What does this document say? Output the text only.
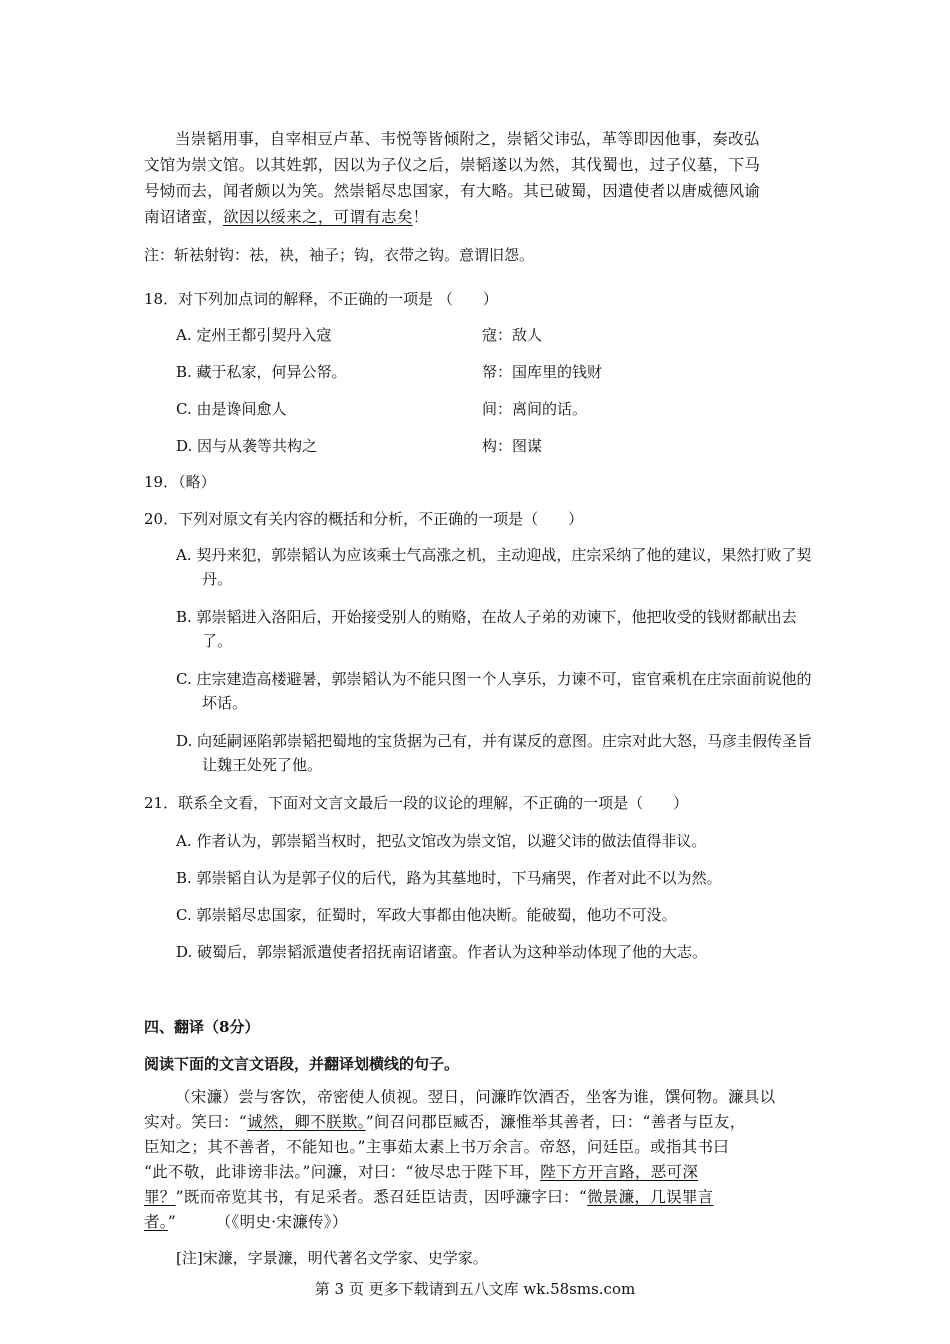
当崇韬用事，自宰相豆卢革、韦悦等皆倾附之，崇韬父讳弘，革等即因他事，奏改弘

文馆为崇文馆。以其姓郭，因以为子仪之后，崇韬遂以为然，其伐蜀也，过子仪墓，下马

号恸而去，闻者颇以为笑。然崇韬尽忠国家，有大略。其已破蜀，因遣使者以唐威德风谕

南诏诸蛮，欲因以绥来之，可谓有志矣！

注：斩祛射钩：祛，袂，袖子；钩，衣带之钩。意谓旧怨。

18．对下列加点词的解释，不正确的一项是 （　　）

A. 定州王都引契丹入寇	寇：敌人
B. 藏于私家，何异公帑。	帑：国库里的钱财
C. 由是谗间愈人	间：离间的话。
D. 因与从袭等共构之	构：图谋

19．（略）

20．下列对原文有关内容的概括和分析，不正确的一项是（　　）

A. 契丹来犯，郭崇韬认为应该乘士气高涨之机，主动迎战，庄宗采纳了他的建议，果然打败了契丹。

B. 郭崇韬进入洛阳后，开始接受别人的贿赂，在故人子弟的劝谏下，他把收受的钱财都献出去了。

C. 庄宗建造高楼避暑，郭崇韬认为不能只图一个人享乐，力谏不可，宦官乘机在庄宗面前说他的坏话。

D. 向延嗣诬陷郭崇韬把蜀地的宝货据为己有，并有谋反的意图。庄宗对此大怒，马彦圭假传圣旨让魏王处死了他。

21．联系全文看，下面对文言文最后一段的议论的理解，不正确的一项是（　　）

A. 作者认为，郭崇韬当权时，把弘文馆改为崇文馆，以避父讳的做法值得非议。

B. 郭崇韬自认为是郭子仪的后代，路为其墓地时，下马痛哭，作者对此不以为然。

C. 郭崇韬尽忠国家，征蜀时，军政大事都由他决断。能破蜀，他功不可没。

D. 破蜀后，郭崇韬派遣使者招抚南诏诸蛮。作者认为这种举动体现了他的大志。

四、翻译（8分）

阅读下面的文言文语段，并翻译划横线的句子。

（宋濂）尝与客饮，帝密使人侦视。翌日，问濂昨饮酒否，坐客为谁，馔何物。濂具以

实对。笑曰：“诚然，卿不朕欺。”间召问郡臣臧否，濂惟举其善者，曰：“善者与臣友，

臣知之；其不善者，不能知也。”主事茹太素上书万余言。帝怒，问廷臣。或指其书曰

“此不敬，此诽谤非法。”问濂，对曰：“彼尽忠于陛下耳，陛下方开言路，恶可深

罪？”既而帝览其书，有足采者。悉召廷臣诘责，因呼濂字曰：“微景濂，几误罪言

者。”　　　（《明史·宋濂传》）

[注]宋濂，字景濂，明代著名文学家、史学家。

第 3 页 更多下载请到五八文库 wk.58sms.com
